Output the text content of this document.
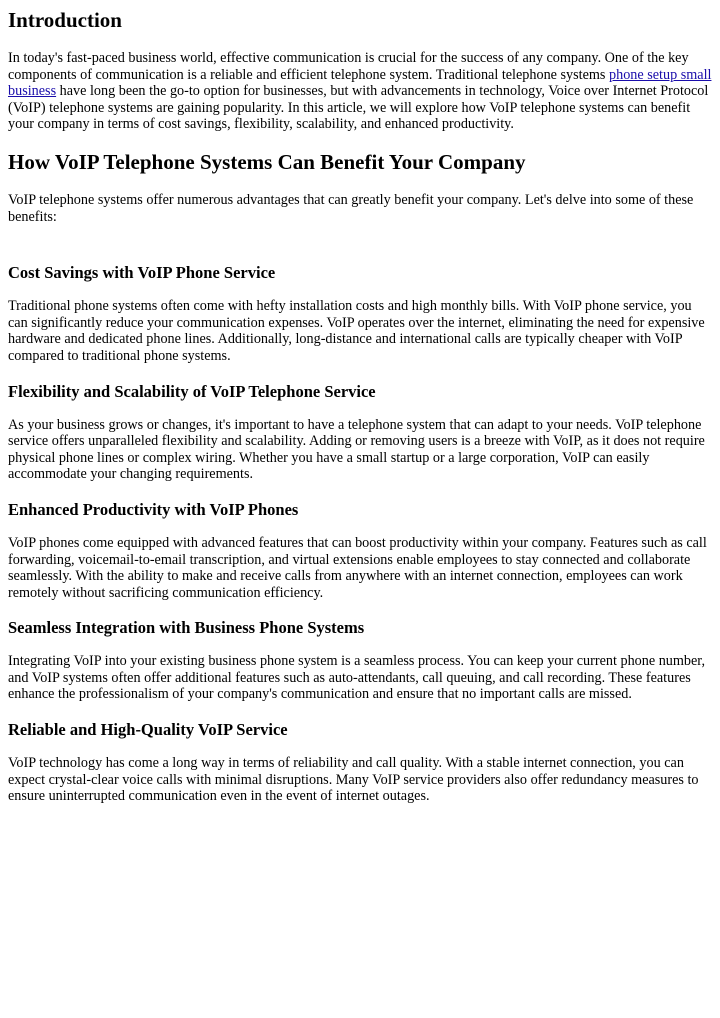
Introduction

In today's fast-paced business world, effective communication is crucial for the success of any company. One of the key components of communication is a reliable and efficient telephone system. Traditional telephone systems phone setup small business have long been the go-to option for businesses, but with advancements in technology, Voice over Internet Protocol (VoIP) telephone systems are gaining popularity. In this article, we will explore how VoIP telephone systems can benefit your company in terms of cost savings, flexibility, scalability, and enhanced productivity.

How VoIP Telephone Systems Can Benefit Your Company

VoIP telephone systems offer numerous advantages that can greatly benefit your company. Let's delve into some of these benefits:

Cost Savings with VoIP Phone Service

Traditional phone systems often come with hefty installation costs and high monthly bills. With VoIP phone service, you can significantly reduce your communication expenses. VoIP operates over the internet, eliminating the need for expensive hardware and dedicated phone lines. Additionally, long-distance and international calls are typically cheaper with VoIP compared to traditional phone systems.

Flexibility and Scalability of VoIP Telephone Service

As your business grows or changes, it's important to have a telephone system that can adapt to your needs. VoIP telephone service offers unparalleled flexibility and scalability. Adding or removing users is a breeze with VoIP, as it does not require physical phone lines or complex wiring. Whether you have a small startup or a large corporation, VoIP can easily accommodate your changing requirements.

Enhanced Productivity with VoIP Phones

VoIP phones come equipped with advanced features that can boost productivity within your company. Features such as call forwarding, voicemail-to-email transcription, and virtual extensions enable employees to stay connected and collaborate seamlessly. With the ability to make and receive calls from anywhere with an internet connection, employees can work remotely without sacrificing communication efficiency.

Seamless Integration with Business Phone Systems

Integrating VoIP into your existing business phone system is a seamless process. You can keep your current phone number, and VoIP systems often offer additional features such as auto-attendants, call queuing, and call recording. These features enhance the professionalism of your company's communication and ensure that no important calls are missed.

Reliable and High-Quality VoIP Service

VoIP technology has come a long way in terms of reliability and call quality. With a stable internet connection, you can expect crystal-clear voice calls with minimal disruptions. Many VoIP service providers also offer redundancy measures to ensure uninterrupted communication even in the event of internet outages.
